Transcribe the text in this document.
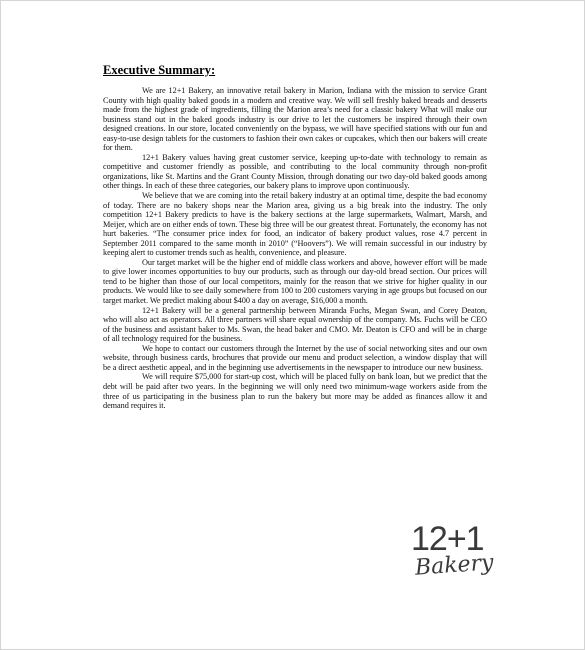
Executive Summary:

We are 12+1 Bakery, an innovative retail bakery in Marion, Indiana with the mission to service Grant County with high quality baked goods in a modern and creative way. We will sell freshly baked breads and desserts made from the highest grade of ingredients, filling the Marion area’s need for a classic bakery What will make our business stand out in the baked goods industry is our drive to let the customers be inspired through their own designed creations. In our store, located conveniently on the bypass, we will have specified stations with our fun and easy-to-use design tablets for the customers to fashion their own cakes or cupcakes, which then our bakers will create for them.

12+1 Bakery values having great customer service, keeping up-to-date with technology to remain as competitive and customer friendly as possible, and contributing to the local community through non-profit organizations, like St. Martins and the Grant County Mission, through donating our two day-old baked goods among other things. In each of these three categories, our bakery plans to improve upon continuously.

We believe that we are coming into the retail bakery industry at an optimal time, despite the bad economy of today. There are no bakery shops near the Marion area, giving us a big break into the industry. The only competition 12+1 Bakery predicts to have is the bakery sections at the large supermarkets, Walmart, Marsh, and Meijer, which are on either ends of town. These big three will be our greatest threat. Fortunately, the economy has not hurt bakeries. “The consumer price index for food, an indicator of bakery product values, rose 4.7 percent in September 2011 compared to the same month in 2010” (“Hoovers”). We will remain successful in our industry by keeping alert to customer trends such as health, convenience, and pleasure.

Our target market will be the higher end of middle class workers and above, however effort will be made to give lower incomes opportunities to buy our products, such as through our day-old bread section. Our prices will tend to be higher than those of our local competitors, mainly for the reason that we strive for higher quality in our products. We would like to see daily somewhere from 100 to 200 customers varying in age groups but focused on our target market. We predict making about $400 a day on average, $16,000 a month.

12+1 Bakery will be a general partnership between Miranda Fuchs, Megan Swan, and Corey Deaton, who will also act as operators. All three partners will share equal ownership of the company. Ms. Fuchs will be CEO of the business and assistant baker to Ms. Swan, the head baker and CMO. Mr. Deaton is CFO and will be in charge of all technology required for the business.

We hope to contact our customers through the Internet by the use of social networking sites and our own website, through business cards, brochures that provide our menu and product selection, a window display that will be a direct aesthetic appeal, and in the beginning use advertisements in the newspaper to introduce our new business.

We will require $75,000 for start-up cost, which will be placed fully on bank loan, but we predict that the debt will be paid after two years. In the beginning we will only need two minimum-wage workers aside from the three of us participating in the business plan to run the bakery but more may be added as finances allow it and demand requires it.

12+1
Bakery
